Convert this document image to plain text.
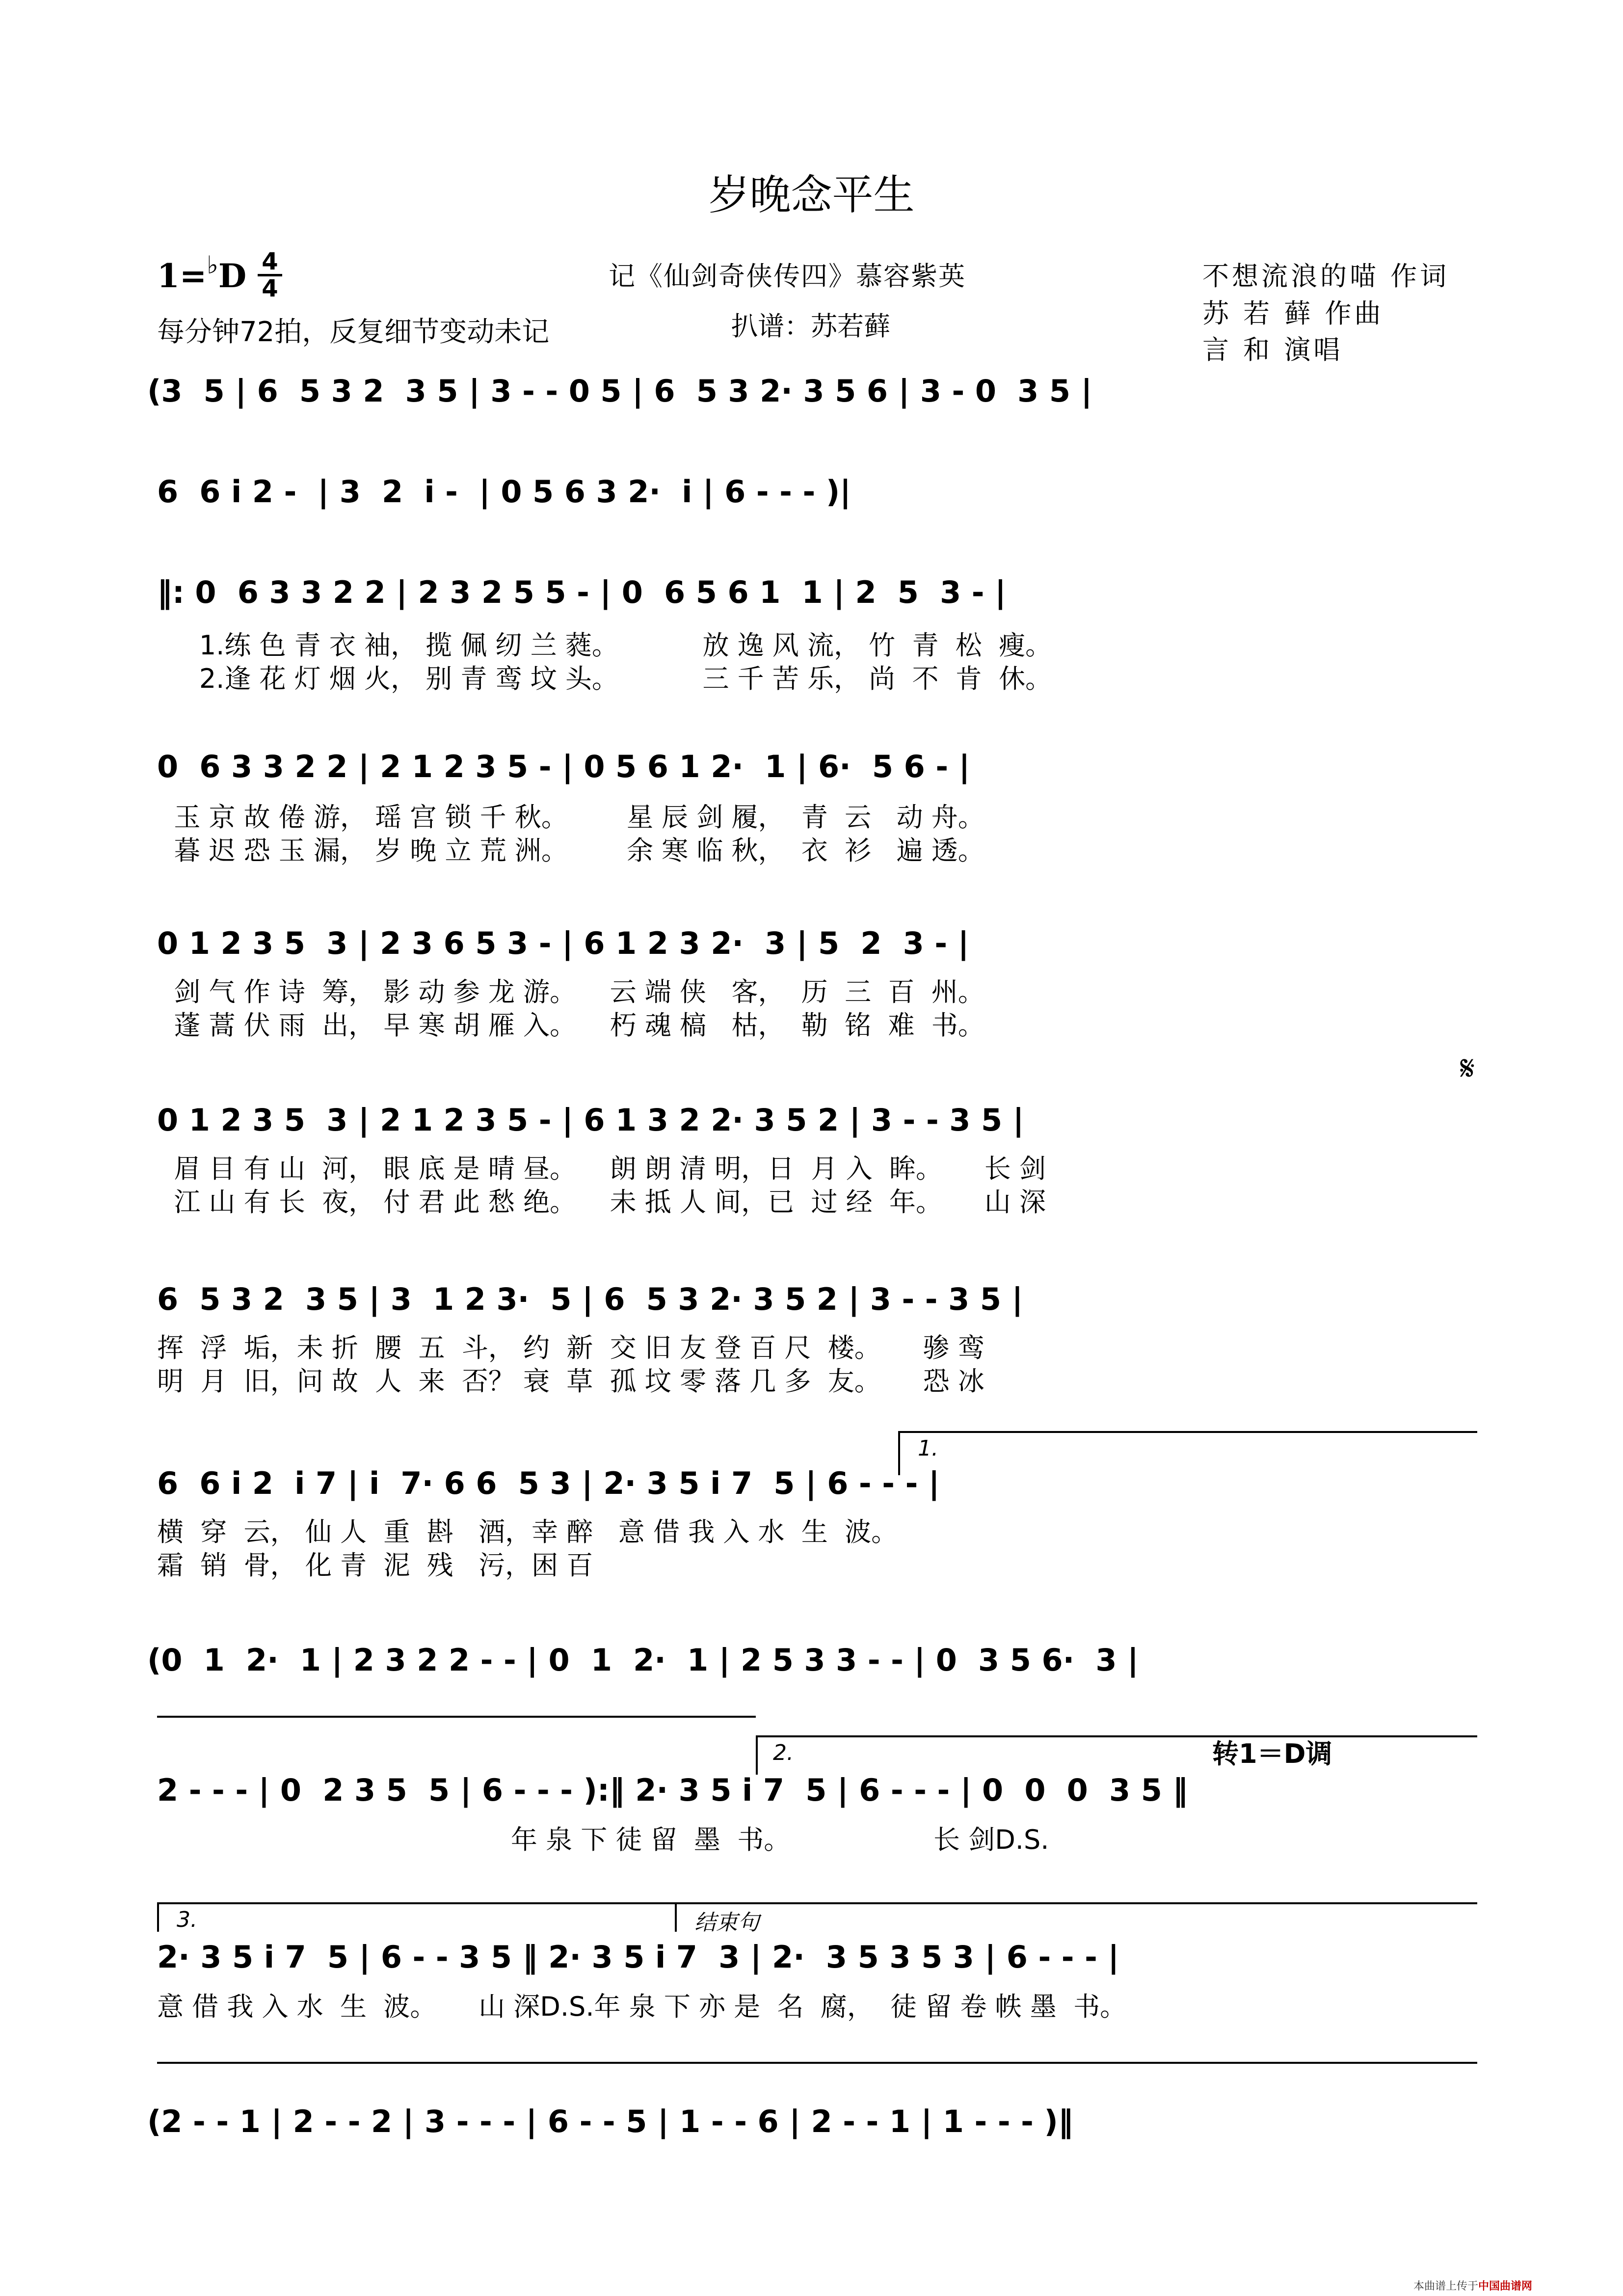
岁晚念平生
1=♭D 4
4
每分钟72拍，反复细节变动未记
记《仙剑奇侠传四》慕容紫英
扒谱：苏若藓
不想流浪的喵 作词
苏 若 藓 作曲
言 和 演唱
(3  5 | 6  5 3 2  3 5 | 3 - - 0 5 | 6  5 3 2· 3 5 6 | 3 - 0  3 5 |
6  6 i 2 -  | 3  2  i -  | 0 5 6 3 2·  i | 6 - - - )|
‖: 0  6 3 3 2 2 | 2 3 2 5 5 - | 0  6 5 6 1  1 | 2  5  3 - |
1.练 色 青 衣 袖， 揽 佩 纫 兰 蕤。          放 逸 风 流， 竹  青  松  瘦。
2.逢 花 灯 烟 火， 别 青 鸾 坟 头。          三 千 苦 乐， 尚  不  肯  休。
0  6 3 3 2 2 | 2 1 2 3 5 - | 0 5 6 1 2·  1 | 6·  5 6 - |
玉 京 故 倦 游， 瑶 宫 锁 千 秋。       星 辰 剑 履，  青  云   动 舟。
暮 迟 恐 玉 漏， 岁 晚 立 荒 洲。       余 寒 临 秋，  衣  衫   遍 透。
0 1 2 3 5  3 | 2 3 6 5 3 - | 6 1 2 3 2·  3 | 5  2  3 - |
剑 气 作 诗  筹， 影 动 参 龙 游。    云 端 侠   客，  历  三  百  州。
蓬 蒿 伏 雨  出， 早 寒 胡 雁 入。    朽 魂 槁   枯，  勒  铭  难  书。
𝄋
0 1 2 3 5  3 | 2 1 2 3 5 - | 6 1 3 2 2· 3 5 2 | 3 - - 3 5 |
眉 目 有 山  河， 眼 底 是 晴 昼。    朗 朗 清 明，日  月 入  眸。     长 剑
江 山 有 长  夜， 付 君 此 愁 绝。    未 抵 人 间，已  过 经  年。     山 深
6  5 3 2  3 5 | 3  1 2 3·  5 | 6  5 3 2· 3 5 2 | 3 - - 3 5 |
挥  浮  垢，未 折  腰  五  斗， 约  新  交 旧 友 登 百 尺  楼。     骖 鸾
明  月  旧，问 故  人  来  否？ 衰  草  孤 坟 零 落 几 多  友。     恐 冰
1.
6  6 i 2  i 7 | i  7· 6 6  5 3 | 2· 3 5 i 7  5 | 6 - - - |
横  穿  云， 仙 人  重  斟   酒，幸 醉   意 借 我 入 水  生  波。
霜  销  骨， 化 青  泥  残   污，困 百
(0  1  2·  1 | 2 3 2 2 - - | 0  1  2·  1 | 2 5 3 3 - - | 0  3 5 6·  3 |
2.	转1＝D调
2 - - - | 0  2 3 5  5 | 6 - - - ):‖ 2· 3 5 i 7  5 | 6 - - - | 0  0  0  3 5 ‖
年 泉 下 徒 留  墨  书。                 长 剑D.S.
3.	结束句
2· 3 5 i 7  5 | 6 - - 3 5 ‖ 2· 3 5 i 7  3 | 2·  3 5 3 5 3 | 6 - - - |
意 借 我 入 水  生  波。     山 深D.S.年 泉 下 亦 是  名  腐，  徒 留 卷 帙 墨  书。
(2 - - 1 | 2 - - 2 | 3 - - - | 6 - - 5 | 1 - - 6 | 2 - - 1 | 1 - - - )‖
本曲谱上传于中国曲谱网
